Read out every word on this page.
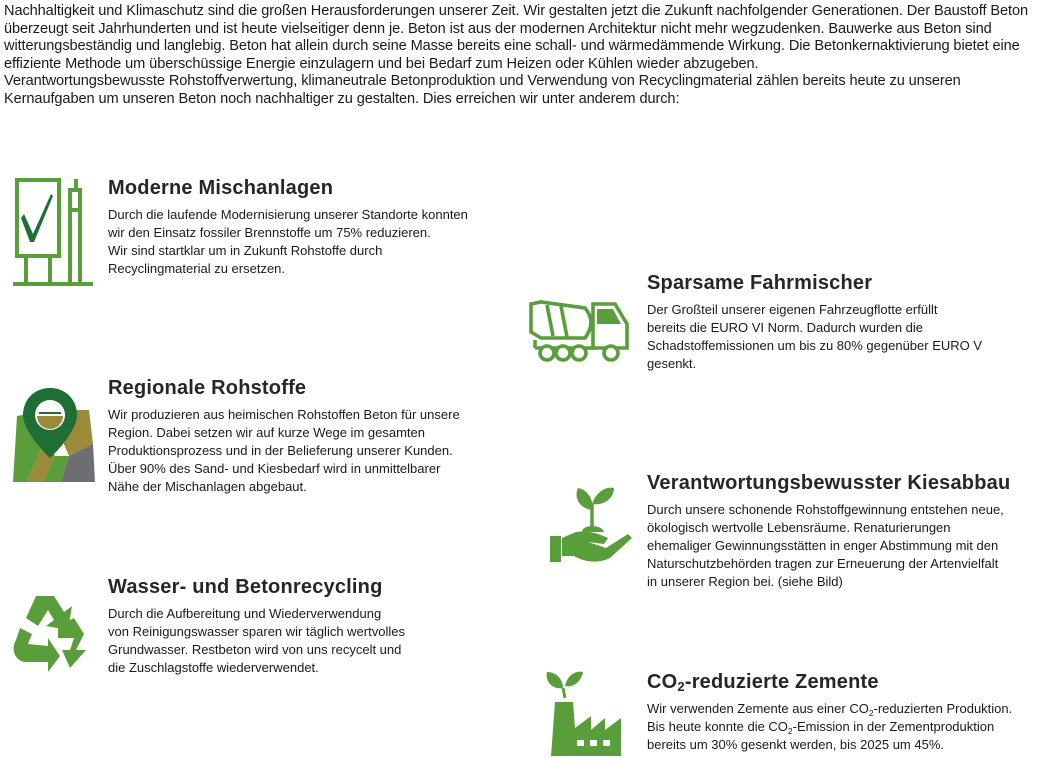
Nachhaltigkeit und Klimaschutz sind die großen Herausforderungen unserer Zeit. Wir gestalten jetzt die Zukunft nachfolgender Generationen. Der Baustoff Beton überzeugt seit Jahrhunderten und ist heute vielseitiger denn je. Beton ist aus der modernen Architektur nicht mehr wegzudenken. Bauwerke aus Beton sind witterungsbeständig und langlebig. Beton hat allein durch seine Masse bereits eine schall- und wärmedämmende Wirkung. Die Betonkernaktivierung bietet eine effiziente Methode um überschüssige Energie einzulagern und bei Bedarf zum Heizen oder Kühlen wieder abzugeben.

Verantwortungsbewusste Rohstoffverwertung, klimaneutrale Betonproduktion und Verwendung von Recyclingmaterial zählen bereits heute zu unseren Kernaufgaben um unseren Beton noch nachhaltiger zu gestalten. Dies erreichen wir unter anderem durch:

Moderne Mischanlagen

Durch die laufende Modernisierung unserer Standorte konnten
wir den Einsatz fossiler Brennstoffe um 75% reduzieren.
Wir sind startklar um in Zukunft Rohstoffe durch
Recyclingmaterial zu ersetzen.

Sparsame Fahrmischer

Der Großteil unserer eigenen Fahrzeugflotte erfüllt
bereits die EURO VI Norm. Dadurch wurden die
Schadstoffemissionen um bis zu 80% gegenüber EURO V
gesenkt.

Regionale Rohstoffe

Wir produzieren aus heimischen Rohstoffen Beton für unsere
Region. Dabei setzen wir auf kurze Wege im gesamten
Produktionsprozess und in der Belieferung unserer Kunden.
Über 90% des Sand- und Kiesbedarf wird in unmittelbarer
Nähe der Mischanlagen abgebaut.	Verantwortungsbewusster Kiesabbau

Durch unsere schonende Rohstoffgewinnung entstehen neue,
ökologisch wertvolle Lebensräume. Renaturierungen
ehemaliger Gewinnungsstätten in enger Abstimmung mit den
Naturschutzbehörden tragen zur Erneuerung der Artenvielfalt
in unserer Region bei. (siehe Bild)

Wasser- und Betonrecycling

Durch die Aufbereitung und Wiederverwendung
von Reinigungswasser sparen wir täglich wertvolles
Grundwasser. Restbeton wird von uns recycelt und
die Zuschlagstoffe wiederverwendet.

$CO_2$-reduzierte Zemente

Wir verwenden Zemente aus einer $CO_2$-reduzierten Produktion.
Bis heute konnte die $CO_2$-Emission in der Zementproduktion
bereits um 30% gesenkt werden, bis 2025 um 45%.
